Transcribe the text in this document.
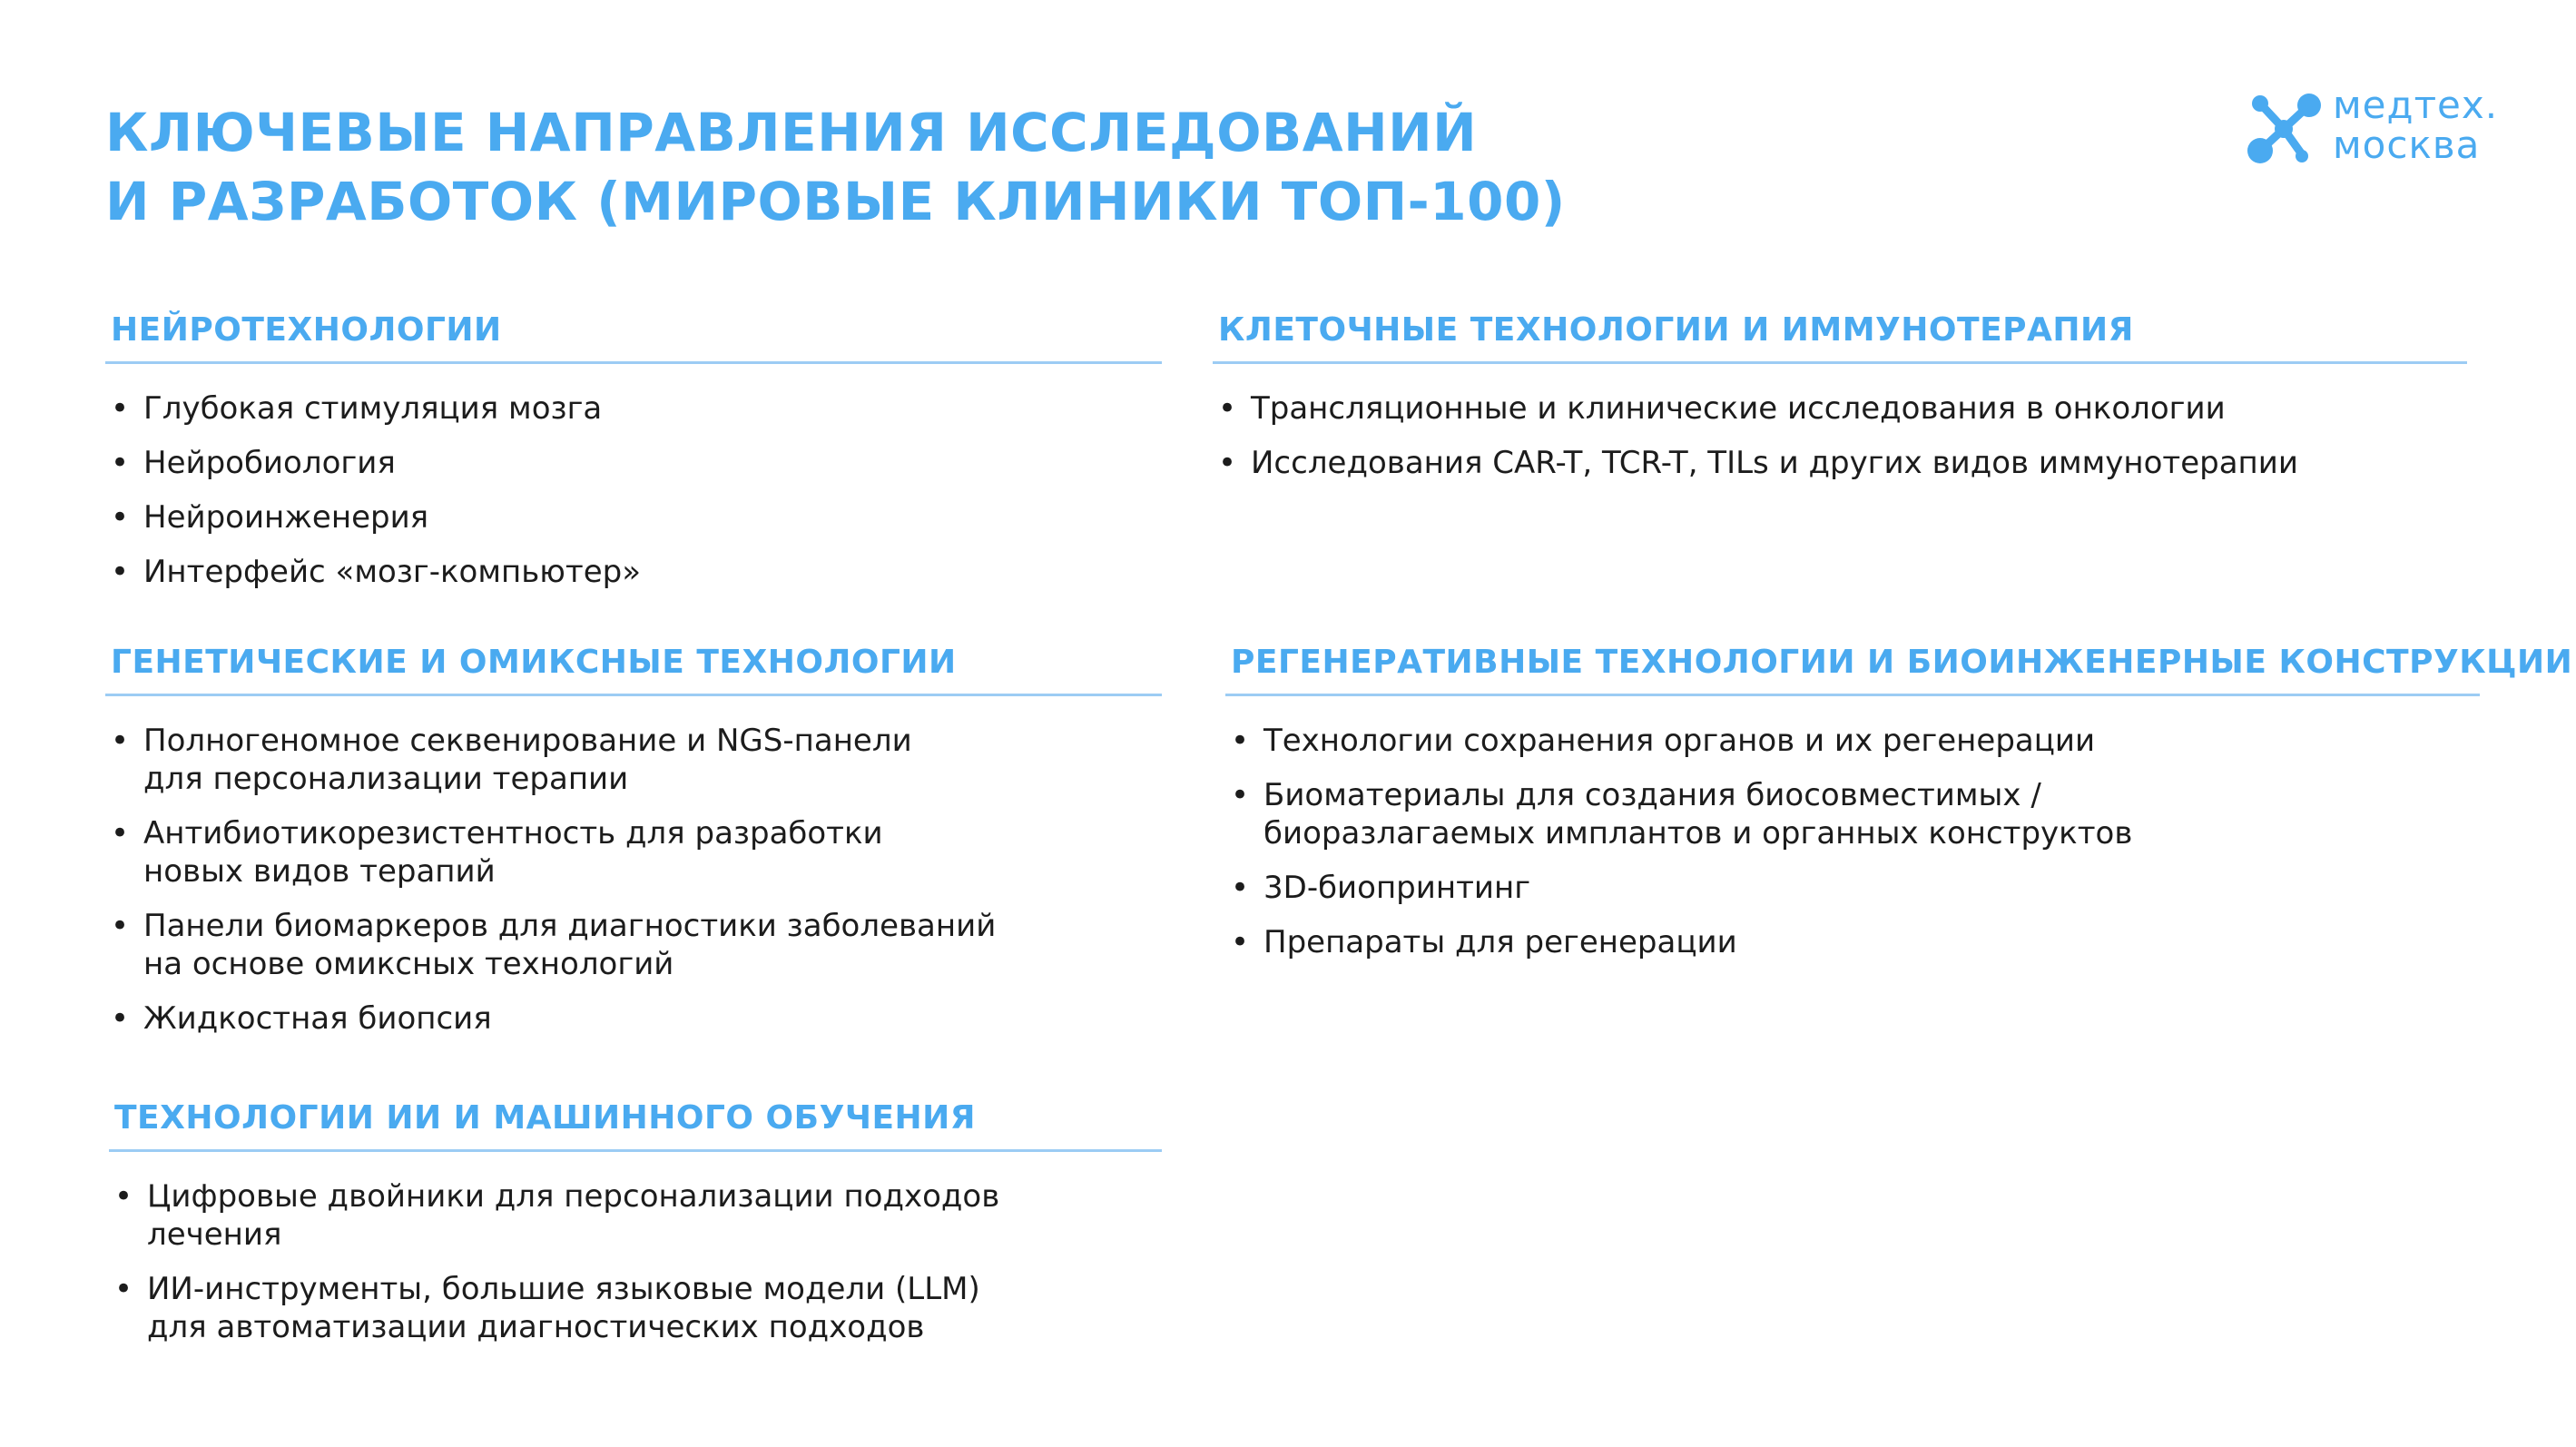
КЛЮЧЕВЫЕ НАПРАВЛЕНИЯ ИССЛЕДОВАНИЙ
И РАЗРАБОТОК (МИРОВЫЕ КЛИНИКИ ТОП-100)
медтех.
москва
НЕЙРОТЕХНОЛОГИИ
• Глубокая стимуляция мозга
• Нейробиология
• Нейроинженерия
• Интерфейс «мозг-компьютер»
КЛЕТОЧНЫЕ ТЕХНОЛОГИИ И ИММУНОТЕРАПИЯ
• Трансляционные и клинические исследования в онкологии
• Исследования CAR-T, TCR-T, TILs и других видов иммунотерапии
ГЕНЕТИЧЕСКИЕ И ОМИКСНЫЕ ТЕХНОЛОГИИ
• Полногеномное секвенирование и NGS-панели
для персонализации терапии
• Антибиотикорезистентность для разработки
новых видов терапий
• Панели биомаркеров для диагностики заболеваний
на основе омиксных технологий
• Жидкостная биопсия
РЕГЕНЕРАТИВНЫЕ ТЕХНОЛОГИИ И БИОИНЖЕНЕРНЫЕ КОНСТРУКЦИИ
• Технологии сохранения органов и их регенерации
• Биоматериалы для создания биосовместимых /
биоразлагаемых имплантов и органных конструктов
• 3D-биопринтинг
• Препараты для регенерации
ТЕХНОЛОГИИ ИИ И МАШИННОГО ОБУЧЕНИЯ
• Цифровые двойники для персонализации подходов
лечения
• ИИ-инструменты, большие языковые модели (LLM)
для автоматизации диагностических подходов
